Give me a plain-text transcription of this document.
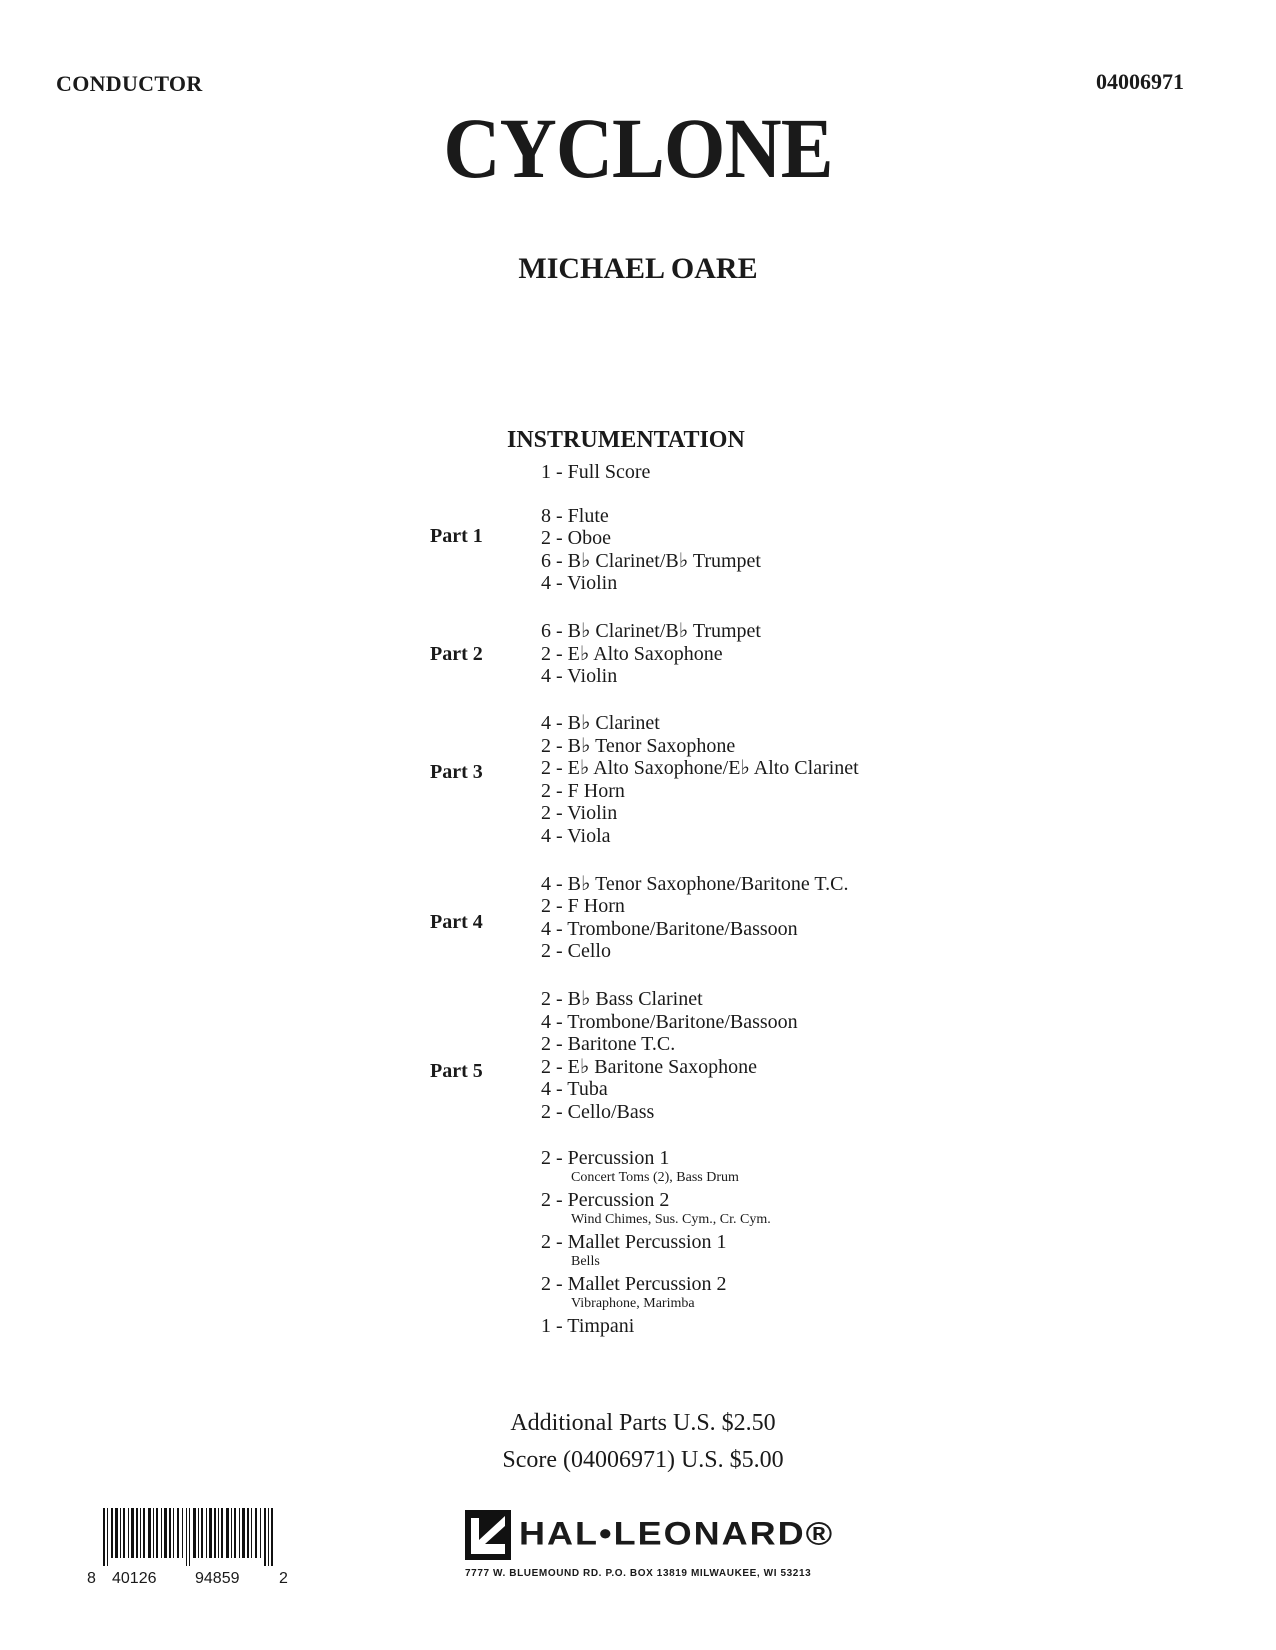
CONDUCTOR	04006971
CYCLONE
MICHAEL OARE
INSTRUMENTATION
1 - Full Score
Part 1
8 - Flute
2 - Oboe
6 - B♭ Clarinet/B♭ Trumpet
4 - Violin
Part 2
6 - B♭ Clarinet/B♭ Trumpet
2 - E♭ Alto Saxophone
4 - Violin
Part 3
4 - B♭ Clarinet
2 - B♭ Tenor Saxophone
2 - E♭ Alto Saxophone/E♭ Alto Clarinet
2 - F Horn
2 - Violin
4 - Viola
Part 4
4 - B♭ Tenor Saxophone/Baritone T.C.
2 - F Horn
4 - Trombone/Baritone/Bassoon
2 - Cello
Part 5
2 - B♭ Bass Clarinet
4 - Trombone/Baritone/Bassoon
2 - Baritone T.C.
2 - E♭ Baritone Saxophone
4 - Tuba
2 - Cello/Bass
2 - Percussion 1
Concert Toms (2), Bass Drum
2 - Percussion 2
Wind Chimes, Sus. Cym., Cr. Cym.
2 - Mallet Percussion 1
Bells
2 - Mallet Percussion 2
Vibraphone, Marimba
1 - Timpani
Additional Parts U.S. $2.50
Score (04006971) U.S. $5.00
8 40126 94859 2
HAL•LEONARD®
7777 W. BLUEMOUND RD. P.O. BOX 13819 MILWAUKEE, WI 53213
